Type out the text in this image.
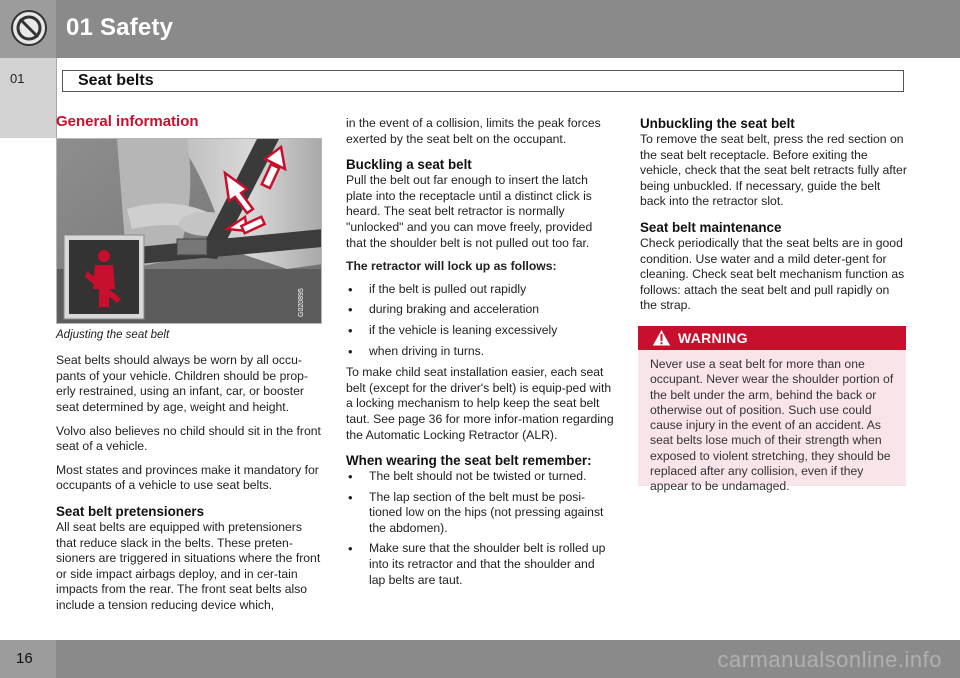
01 Safety
01	Seat belts
General information
G020895
Adjusting the seat belt

Seat belts should always be worn by all occu-pants of your vehicle. Children should be prop-erly restrained, using an infant, car, or booster seat determined by age, weight and height.

Volvo also believes no child should sit in the front seat of a vehicle.

Most states and provinces make it mandatory for occupants of a vehicle to use seat belts.

Seat belt pretensioners

All seat belts are equipped with pretensioners that reduce slack in the belts. These preten-sioners are triggered in situations where the front or side impact airbags deploy, and in cer-tain impacts from the rear. The front seat belts also include a tension reducing device which,

in the event of a collision, limits the peak forces exerted by the seat belt on the occupant.

Buckling a seat belt

Pull the belt out far enough to insert the latch plate into the receptacle until a distinct click is heard. The seat belt retractor is normally "unlocked" and you can move freely, provided that the shoulder belt is not pulled out too far.

The retractor will lock up as follows:
• if the belt is pulled out rapidly
• during braking and acceleration
• if the vehicle is leaning excessively
• when driving in turns.

To make child seat installation easier, each seat belt (except for the driver's belt) is equip-ped with a locking mechanism to help keep the seat belt taut. See page 36 for more infor-mation regarding the Automatic Locking Retractor (ALR).

When wearing the seat belt remember:
• The belt should not be twisted or turned.
• The lap section of the belt must be posi-tioned low on the hips (not pressing against the abdomen).
• Make sure that the shoulder belt is rolled up into its retractor and that the shoulder and lap belts are taut.
Unbuckling the seat belt

To remove the seat belt, press the red section on the seat belt receptacle. Before exiting the vehicle, check that the seat belt retracts fully after being unbuckled. If necessary, guide the belt back into the retractor slot.

Seat belt maintenance

Check periodically that the seat belts are in good condition. Use water and a mild deter-gent for cleaning. Check seat belt mechanism function as follows: attach the seat belt and pull rapidly on the strap.

WARNING
Never use a seat belt for more than one occupant. Never wear the shoulder portion of the belt under the arm, behind the back or otherwise out of position. Such use could cause injury in the event of an accident. As seat belts lose much of their strength when exposed to violent stretching, they should be replaced after any collision, even if they appear to be undamaged.
16	carmanualsonline.info
